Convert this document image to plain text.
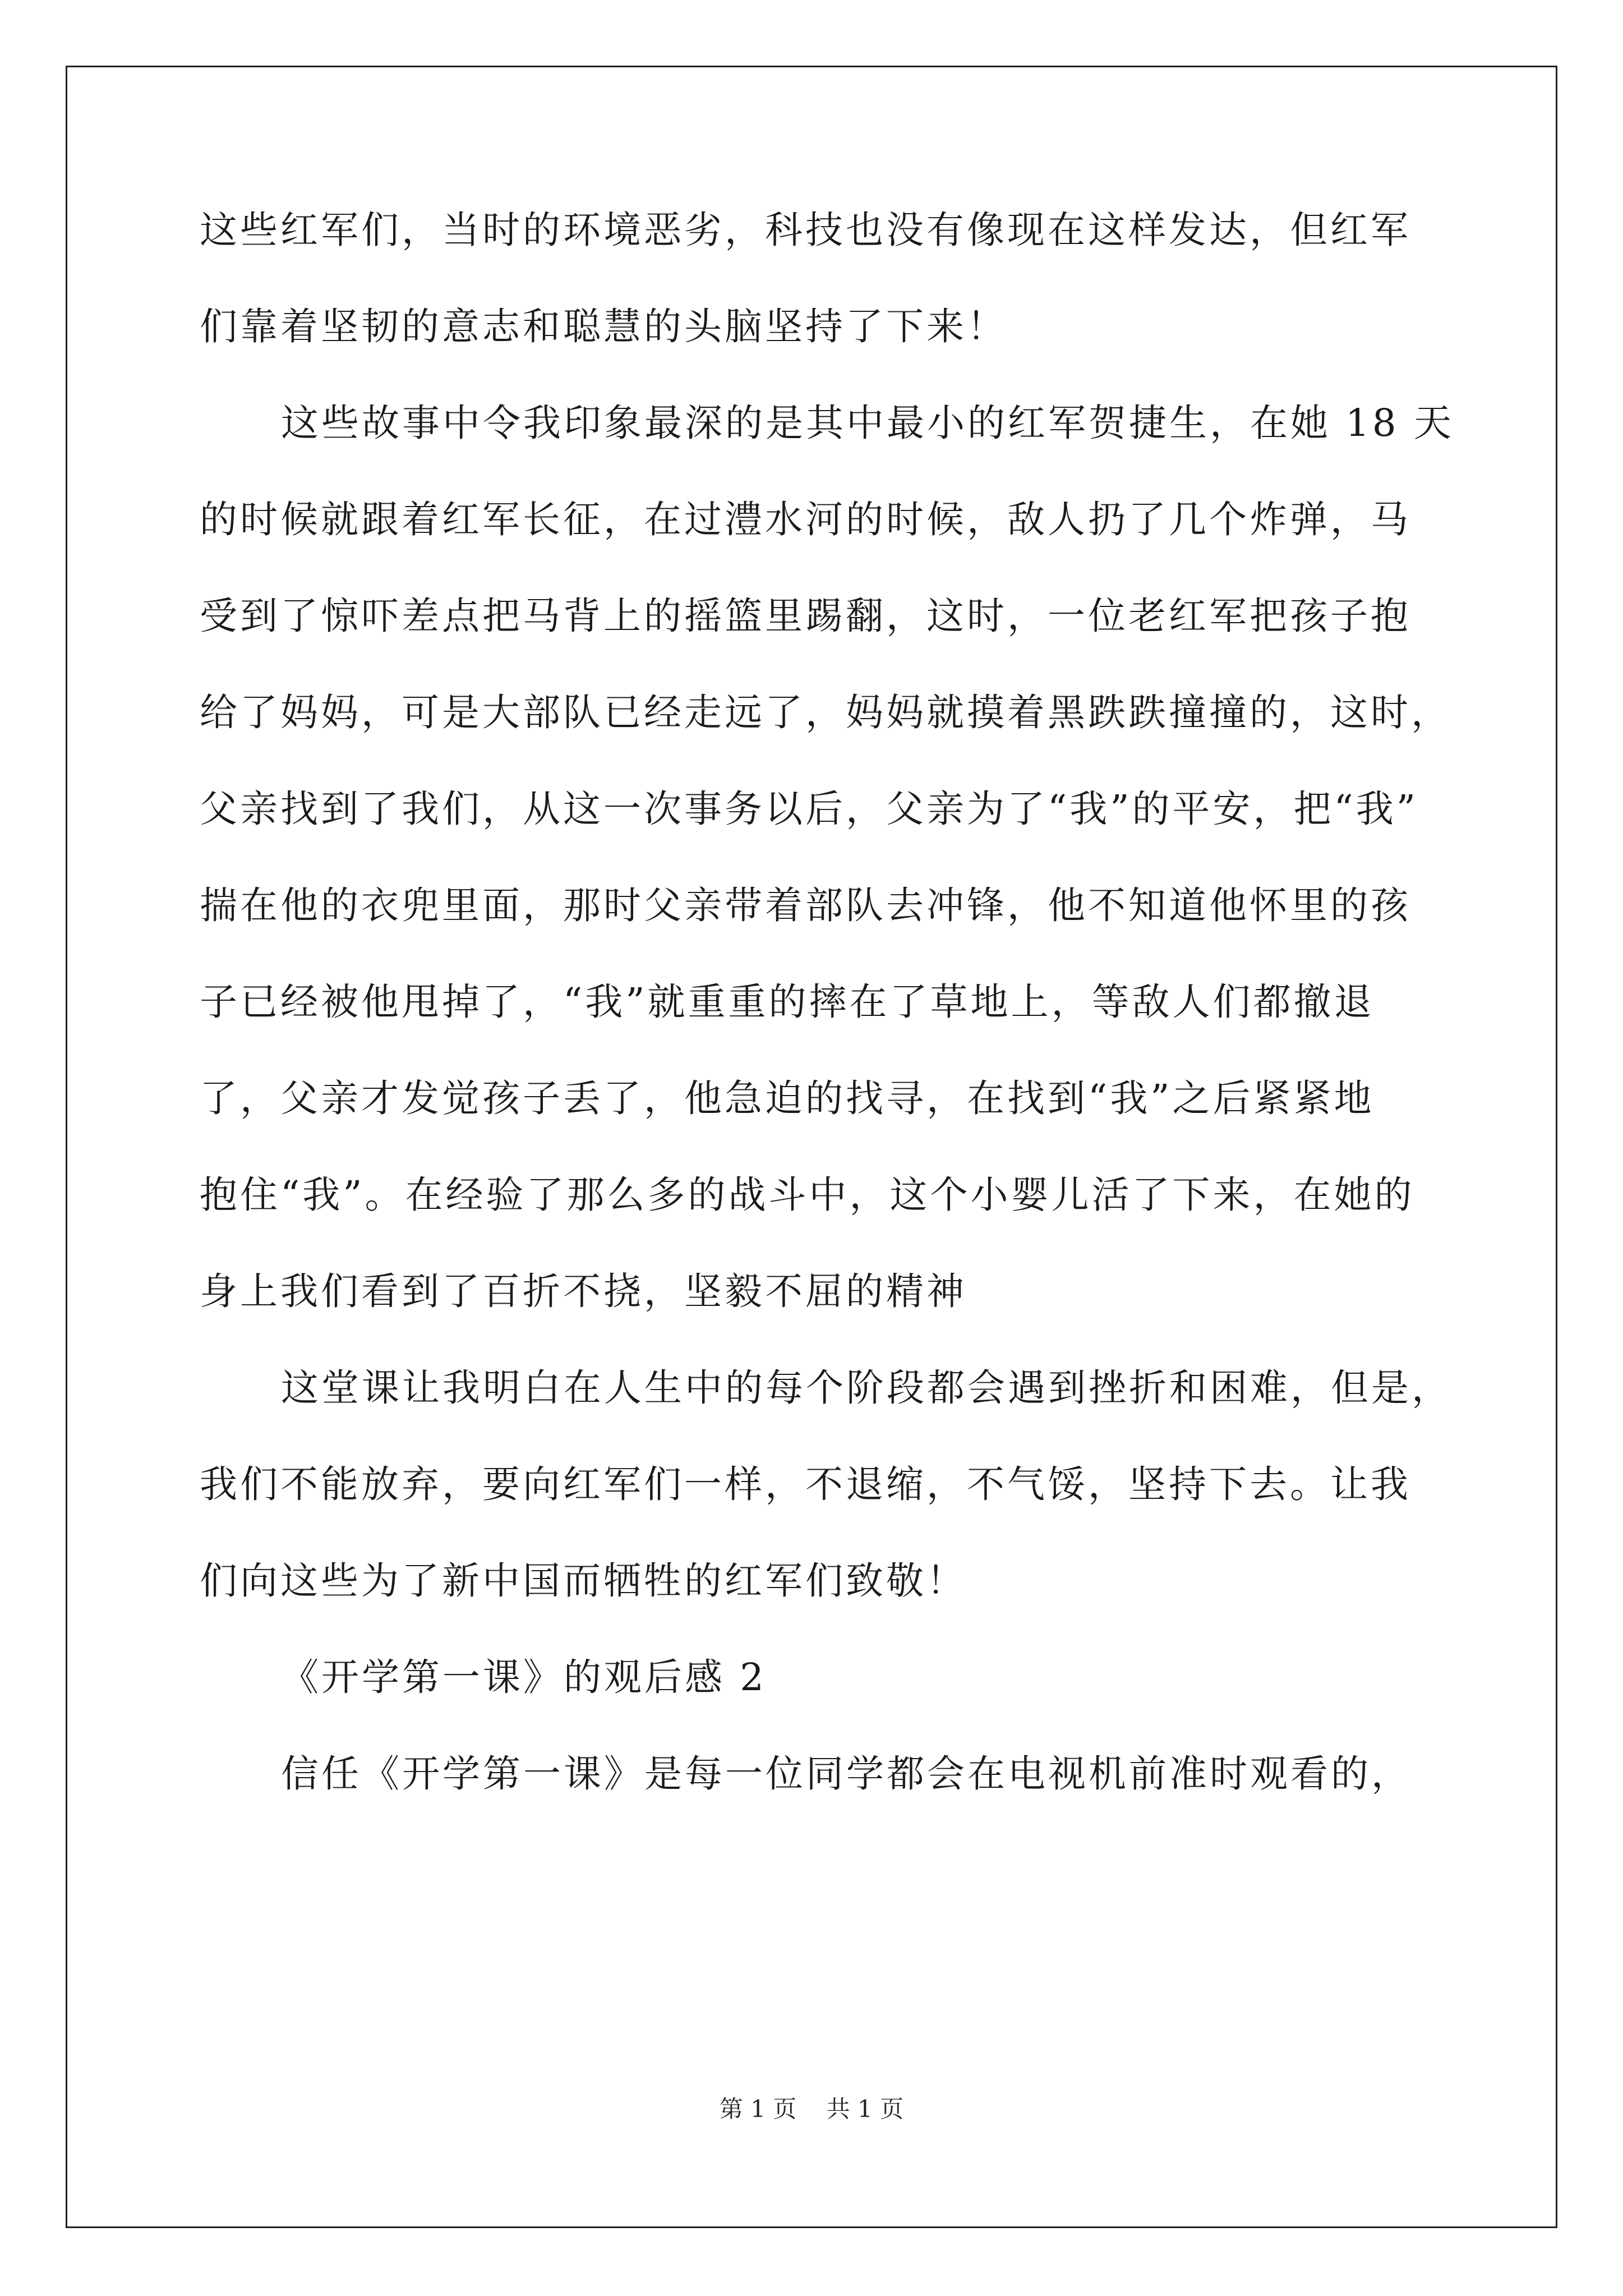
这些红军们，当时的环境恶劣，科技也没有像现在这样发达，但红军
们靠着坚韧的意志和聪慧的头脑坚持了下来！
这些故事中令我印象最深的是其中最小的红军贺捷生，在她 18 天
的时候就跟着红军长征，在过澧水河的时候，敌人扔了几个炸弹，马
受到了惊吓差点把马背上的摇篮里踢翻，这时，一位老红军把孩子抱
给了妈妈，可是大部队已经走远了，妈妈就摸着黑跌跌撞撞的，这时，
父亲找到了我们，从这一次事务以后，父亲为了“我”的平安，把“我”
揣在他的衣兜里面，那时父亲带着部队去冲锋，他不知道他怀里的孩
子已经被他甩掉了，“我”就重重的摔在了草地上，等敌人们都撤退
了，父亲才发觉孩子丢了，他急迫的找寻，在找到“我”之后紧紧地
抱住“我”。在经验了那么多的战斗中，这个小婴儿活了下来，在她的
身上我们看到了百折不挠，坚毅不屈的精神
这堂课让我明白在人生中的每个阶段都会遇到挫折和困难，但是，
我们不能放弃，要向红军们一样，不退缩，不气馁，坚持下去。让我
们向这些为了新中国而牺牲的红军们致敬！
《开学第一课》的观后感 2
信任《开学第一课》是每一位同学都会在电视机前准时观看的，
第 1 页 共 1 页
